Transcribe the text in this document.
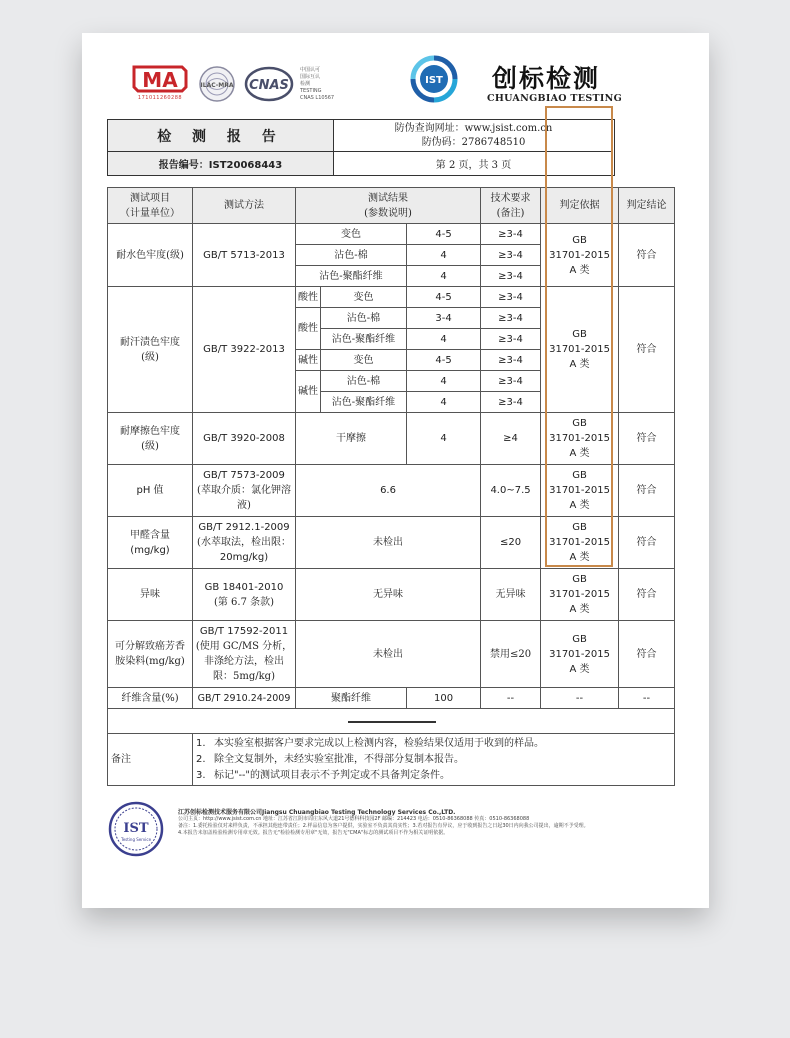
MA
171011260288
ILAC-MRA CNAS
中国认可
国际互认
检测
TESTING
CNAS L10567
IST 创标检测
CHUANGBIAO TESTING
检 测 报 告
报告编号：IST20068443
防伪查询网址：www.jsist.com.cn
防伪码：2786748510
第 2 页，共 3 页
测试项目
（计量单位）	测试方法	测试结果
(参数说明)			技术要求
(备注)	判定依据	判定结论
耐水色牢度(级)	GB/T 5713-2013	变色		4-5	≥3-4	GB
31701-2015
A 类	符合
		沾色-棉		4	≥3-4		
		沾色-聚酯纤维		4	≥3-4		
耐汗渍色牢度
(级)	GB/T 3922-2013	酸性	变色	4-5	≥3-4	GB
31701-2015
A 类	符合
		酸性	沾色-棉	3-4	≥3-4		
			沾色-聚酯纤维	4	≥3-4		
		碱性	变色	4-5	≥3-4		
		碱性	沾色-棉	4	≥3-4		
			沾色-聚酯纤维	4	≥3-4		
耐摩擦色牢度
(级)	GB/T 3920-2008	干摩擦		4	≥4	GB
31701-2015
A 类	符合
pH 值	GB/T 7573-2009
(萃取介质：氯化钾溶
液)	6.6			4.0~7.5	GB
31701-2015
A 类	符合
甲醛含量
(mg/kg)	GB/T 2912.1-2009
(水萃取法，检出限：
20mg/kg)	未检出			≤20	GB
31701-2015
A 类	符合
异味	GB 18401-2010
(第 6.7 条款)	无异味			无异味	GB
31701-2015
A 类	符合
可分解致癌芳香
胺染料(mg/kg)	GB/T 17592-2011
(使用 GC/MS 分析，
非涤纶方法，检出
限：5mg/kg)	未检出			禁用≤20	GB
31701-2015
A 类	符合
纤维含量(%)	GB/T 2910.24-2009	聚酯纤维		100	--	--	--

备注	1. 本实验室根据客户要求完成以上检测内容，检验结果仅适用于收到的样品。
2. 除全文复制外，未经实验室批准，不得部分复制本报告。
3. 标记"--"的测试项目表示不予判定或不具备判定条件。						
IST
Testing Service
江苏创标检测技术服务有限公司Jiangsu Chuangbiao Testing Technology Services Co.,LTD.
公司主页：http://www.jsist.com.cn 地址：江苏省江阴市周庄东风大道21号德科科技园2F 邮编：214423 电话：0510-86368088 传真：0510-86368088
备注：1.委托检验仅对来样负责，不承担其他连带责任；2.样品信息为客户提供，实验室不负责其真实性；3.若对报告有异议，应于收到报告之日起30日内向我公司提出，逾期不予受理。
4.本报告未加盖检验检测专用章无效。报告无"检验检测专用章"无效，报告无"CMA"标志的测试项目不作为相关证明依据。
